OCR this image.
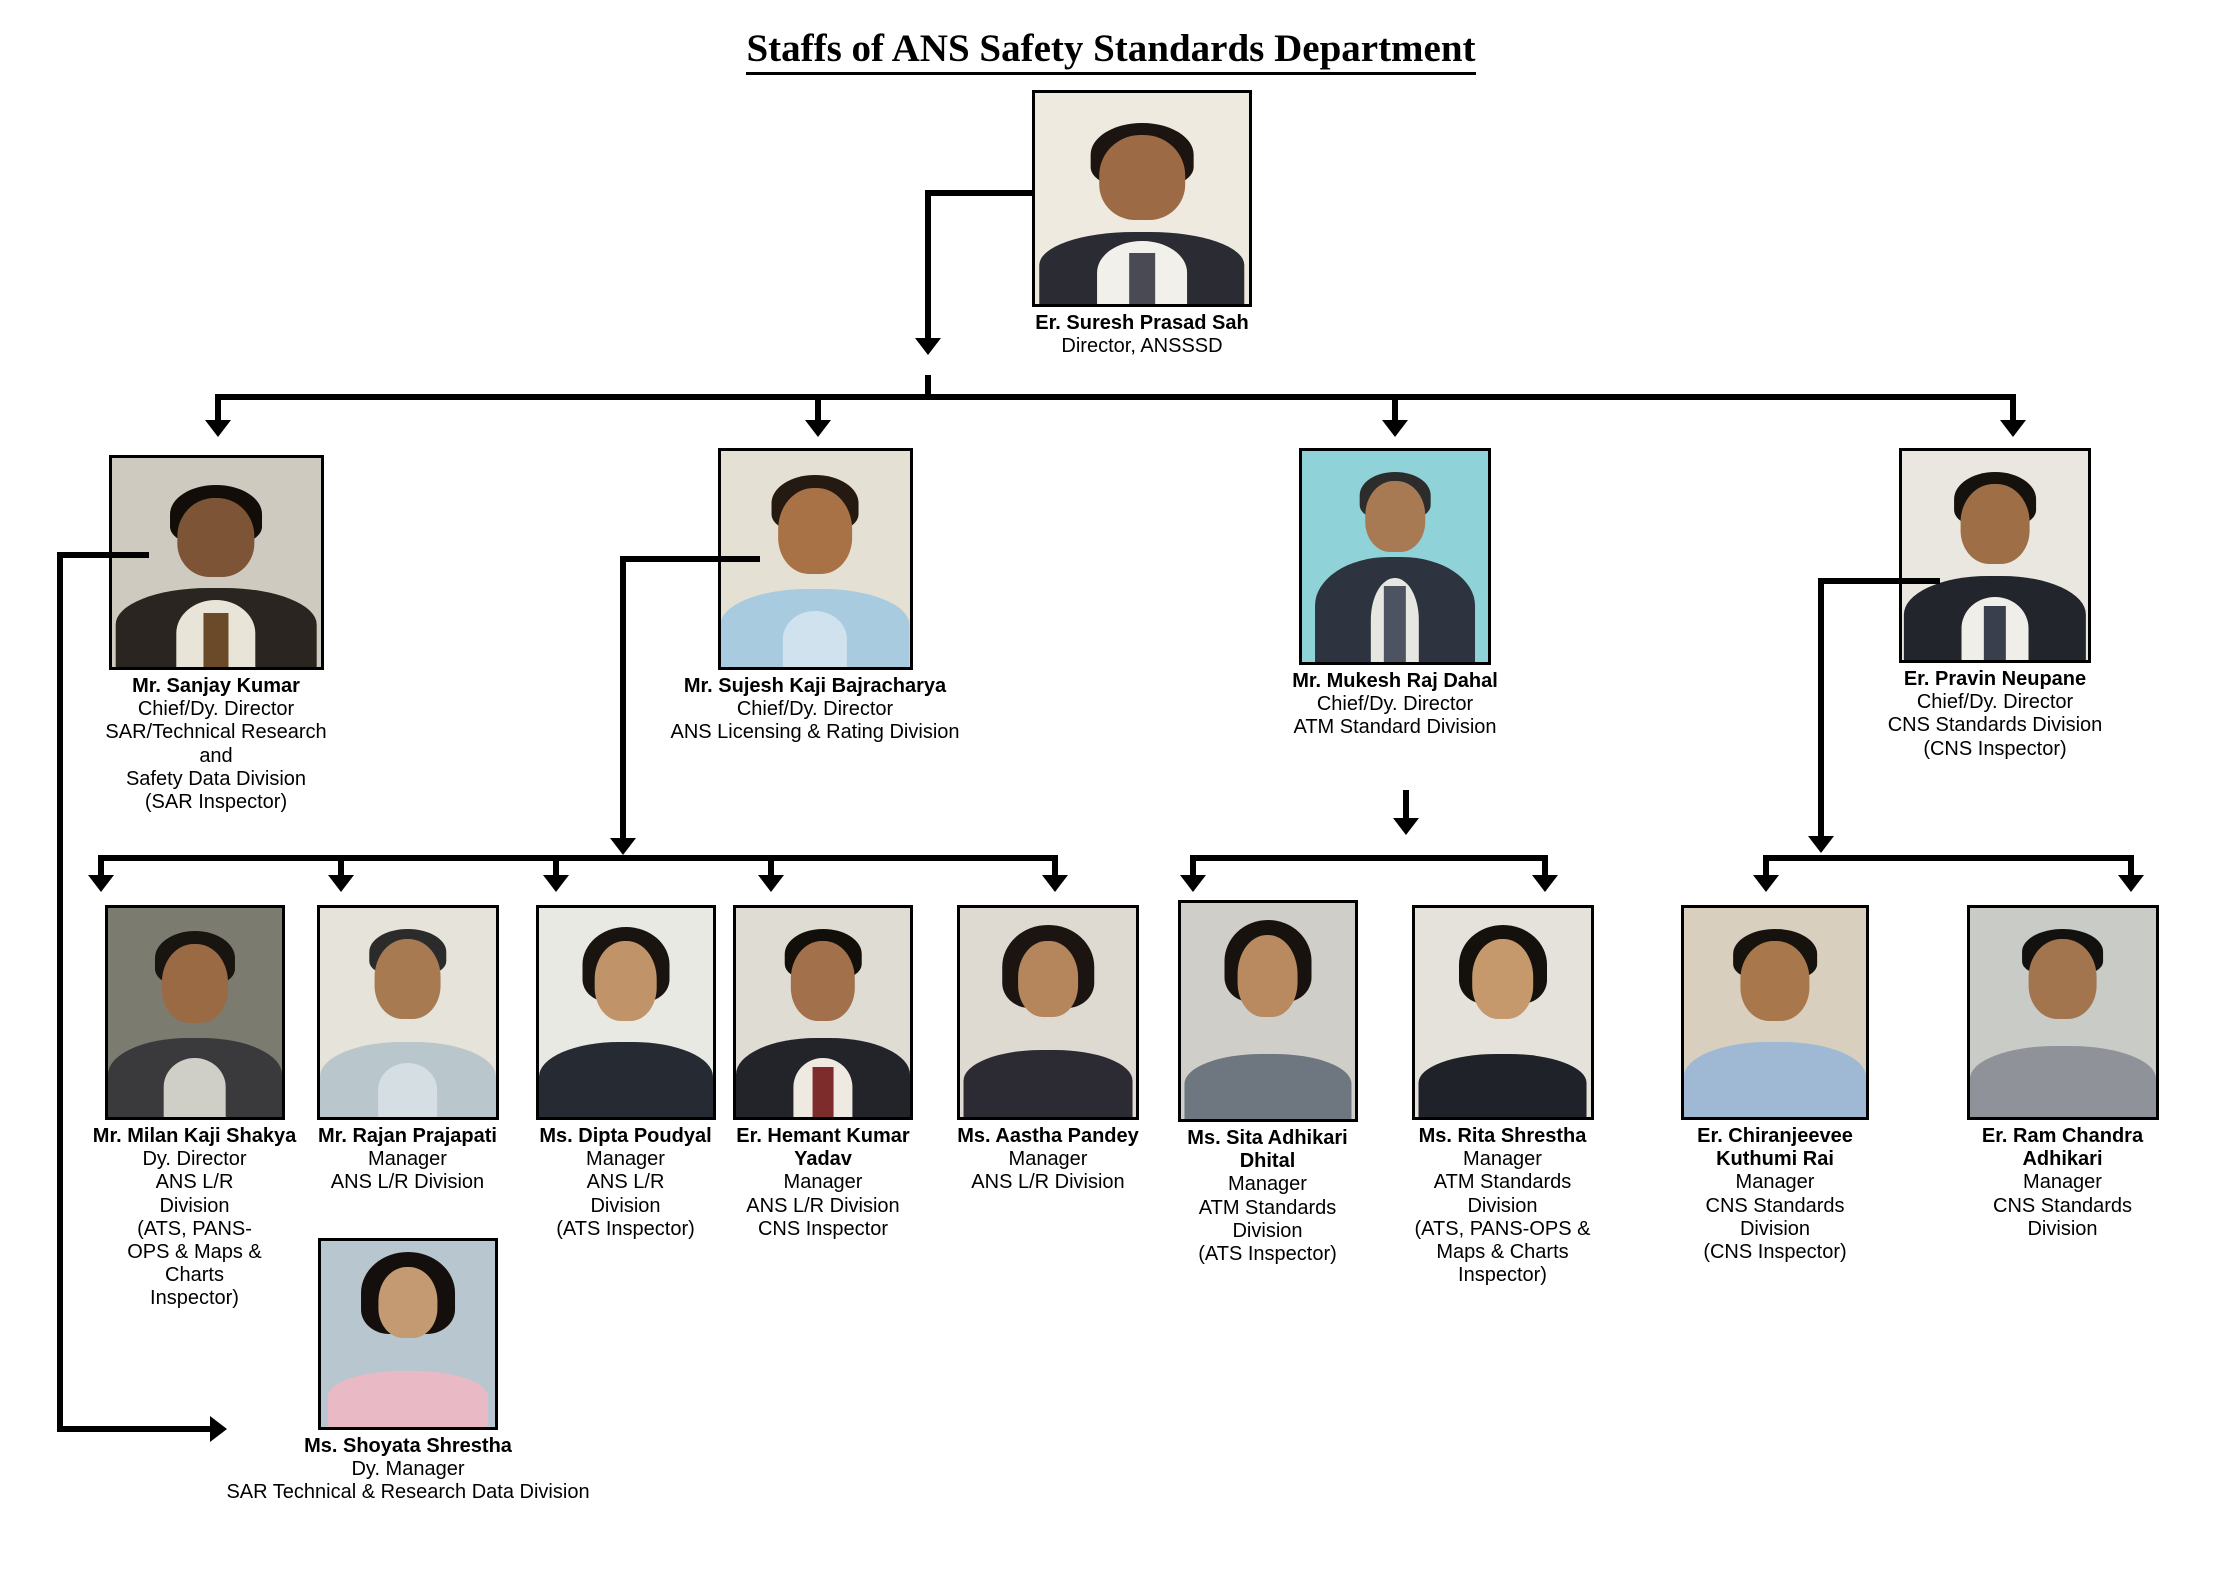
Staffs of ANS Safety Standards Department
Er. Suresh Prasad Sah
Director, ANSSSD
Mr. Sanjay Kumar
Chief/Dy. Director
SAR/Technical Research and
Safety Data Division
(SAR Inspector)
Mr. Sujesh Kaji Bajracharya
Chief/Dy. Director
ANS Licensing & Rating Division
Mr. Mukesh Raj Dahal
Chief/Dy. Director
ATM Standard Division
Er. Pravin Neupane
Chief/Dy. Director
CNS Standards Division
(CNS Inspector)
Mr. Milan Kaji Shakya
Dy. Director
ANS L/R
Division
(ATS, PANS-
OPS & Maps &
Charts
Inspector)
Mr. Rajan Prajapati
Manager
ANS L/R Division
Ms. Dipta Poudyal
Manager
ANS L/R
Division
(ATS Inspector)
Er. Hemant Kumar Yadav
Manager
ANS L/R Division
CNS Inspector
Ms. Aastha Pandey
Manager
ANS L/R Division
Ms. Sita Adhikari Dhital
Manager
ATM Standards
Division
(ATS Inspector)
Ms. Rita Shrestha
Manager
ATM Standards
Division
(ATS, PANS-OPS &
Maps & Charts
Inspector)
Er. Chiranjeevee Kuthumi Rai
Manager
CNS Standards
Division
(CNS Inspector)
Er. Ram Chandra Adhikari
Manager
CNS Standards
Division
Ms. Shoyata Shrestha
Dy. Manager
SAR Technical & Research Data Division
